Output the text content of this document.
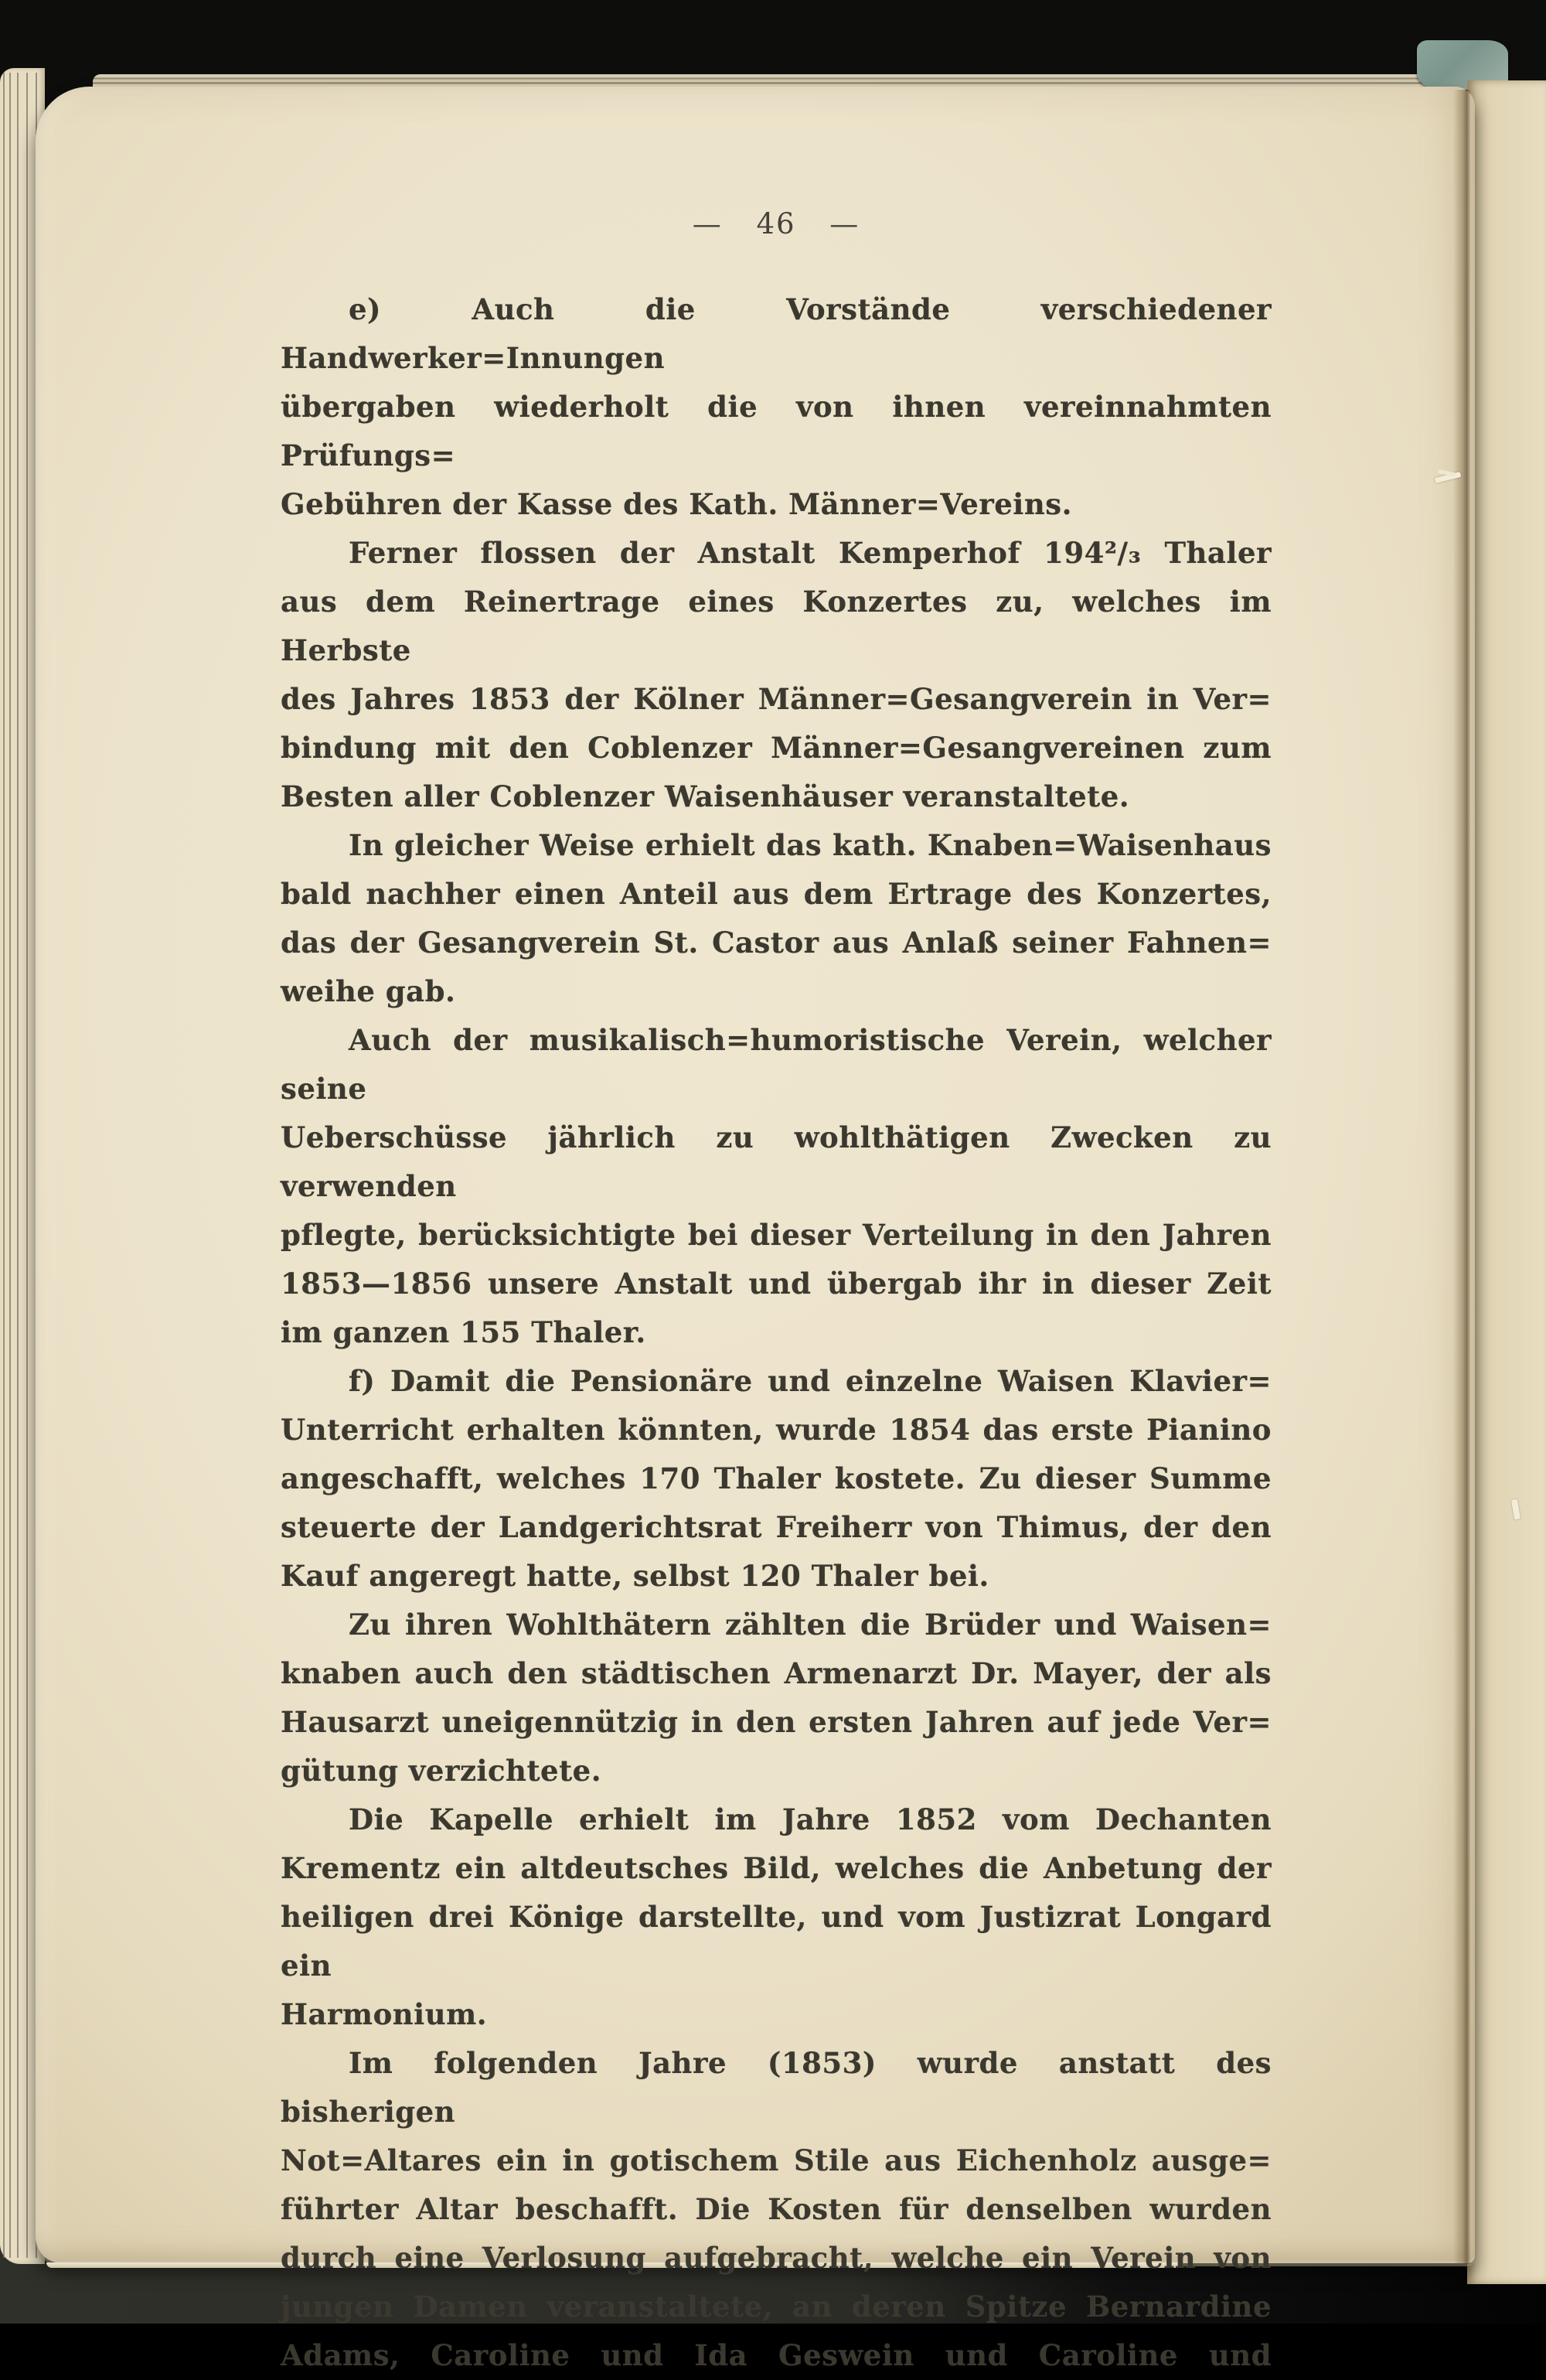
— 46 —
e) Auch die Vorstände verschiedener Handwerker=Innungen
übergaben wiederholt die von ihnen vereinnahmten Prüfungs=
Gebühren der Kasse des Kath. Männer=Vereins.
Ferner flossen der Anstalt Kemperhof 194²/₃ Thaler
aus dem Reinertrage eines Konzertes zu, welches im Herbste
des Jahres 1853 der Kölner Männer=Gesangverein in Ver=
bindung mit den Coblenzer Männer=Gesangvereinen zum
Besten aller Coblenzer Waisenhäuser veranstaltete.
In gleicher Weise erhielt das kath. Knaben=Waisenhaus
bald nachher einen Anteil aus dem Ertrage des Konzertes,
das der Gesangverein St. Castor aus Anlaß seiner Fahnen=
weihe gab.
Auch der musikalisch=humoristische Verein, welcher seine
Ueberschüsse jährlich zu wohlthätigen Zwecken zu verwenden
pflegte, berücksichtigte bei dieser Verteilung in den Jahren
1853—1856 unsere Anstalt und übergab ihr in dieser Zeit
im ganzen 155 Thaler.
f) Damit die Pensionäre und einzelne Waisen Klavier=
Unterricht erhalten könnten, wurde 1854 das erste Pianino
angeschafft, welches 170 Thaler kostete. Zu dieser Summe
steuerte der Landgerichtsrat Freiherr von Thimus, der den
Kauf angeregt hatte, selbst 120 Thaler bei.
Zu ihren Wohlthätern zählten die Brüder und Waisen=
knaben auch den städtischen Armenarzt Dr. Mayer, der als
Hausarzt uneigennützig in den ersten Jahren auf jede Ver=
gütung verzichtete.
Die Kapelle erhielt im Jahre 1852 vom Dechanten
Krementz ein altdeutsches Bild, welches die Anbetung der
heiligen drei Könige darstellte, und vom Justizrat Longard ein
Harmonium.
Im folgenden Jahre (1853) wurde anstatt des bisherigen
Not=Altares ein in gotischem Stile aus Eichenholz ausge=
führter Altar beschafft. Die Kosten für denselben wurden
durch eine Verlosung aufgebracht, welche ein Verein von
jungen Damen veranstaltete, an deren Spitze Bernardine
Adams, Caroline und Ida Geswein und Caroline und
